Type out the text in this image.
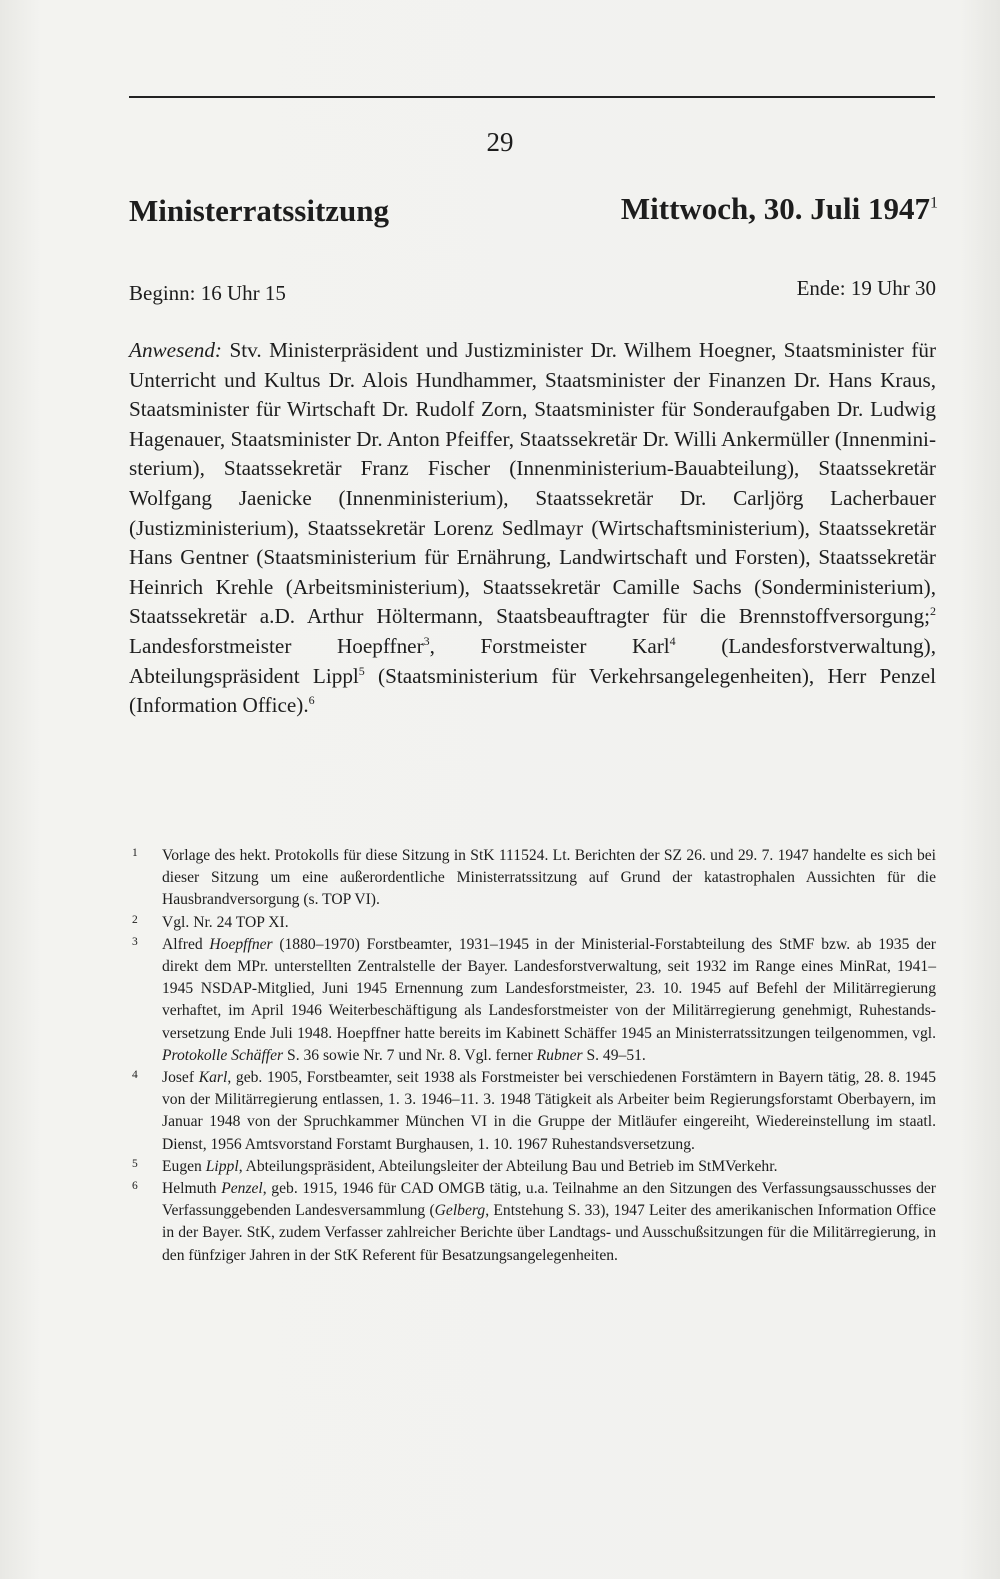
29
Ministerratssitzung	Mittwoch, 30. Juli 1947$^1$
Beginn: 16 Uhr 15	Ende: 19 Uhr 30
Anwesend: Stv. Ministerpräsident und Justizminister Dr. Wilhem Hoegner, Staatsminister für Unterricht und Kultus Dr. Alois Hundhammer, Staatsminister der Finanzen Dr. Hans Kraus, Staatsminister für Wirtschaft Dr. Rudolf Zorn, Staatsminister für Sonderaufgaben Dr. Ludwig Hagenauer, Staatsminister Dr. Anton Pfeiffer, Staatssekretär Dr. Willi Ankermüller (Innenministerium), Staatssekretär Franz Fischer (Innenministerium-Bauabteilung), Staatssekretär Wolfgang Jaenicke (Innenministerium), Staatssekretär Dr. Carljörg Lacherbauer (Justizministerium), Staatssekretär Lorenz Sedlmayr (Wirtschaftsministerium), Staatssekretär Hans Gentner (Staatsministerium für Ernährung, Landwirtschaft und Forsten), Staatssekretär Heinrich Krehle (Arbeitsministerium), Staatssekretär Camille Sachs (Sonderministerium), Staatssekretär a.D. Arthur Höltermann, Staatsbeauftragter für die Brennstoffversorgung;$^2$ Landesforstmeister Hoepffner$^3$, Forstmeister Karl$^4$ (Landesforstverwaltung), Abteilungspräsident Lippl$^5$ (Staatsministerium für Verkehrsangelegenheiten), Herr Penzel (Information Office).$^6$
1 Vorlage des hekt. Protokolls für diese Sitzung in StK 111524. Lt. Berichten der SZ 26. und 29. 7. 1947 handelte es sich bei dieser Sitzung um eine außerordentliche Ministerratssitzung auf Grund der katastrophalen Aussichten für die Hausbrandversorgung (s. TOP VI).
2 Vgl. Nr. 24 TOP XI.
3 Alfred Hoepffner (1880–1970) Forstbeamter, 1931–1945 in der Ministerial-Forstabteilung des StMF bzw. ab 1935 der direkt dem MPr. unterstellten Zentralstelle der Bayer. Landesforstverwaltung, seit 1932 im Range eines MinRat, 1941–1945 NSDAP-Mitglied, Juni 1945 Ernennung zum Landesforstmeister, 23. 10. 1945 auf Befehl der Militärregierung verhaftet, im April 1946 Weiterbeschäftigung als Landesforstmeister von der Militärregierung genehmigt, Ruhestandsversetzung Ende Juli 1948. Hoepffner hatte bereits im Kabinett Schäffer 1945 an Ministerratssitzungen teilgenommen, vgl. Protokolle Schäffer S. 36 sowie Nr. 7 und Nr. 8. Vgl. ferner Rubner S. 49–51.
4 Josef Karl, geb. 1905, Forstbeamter, seit 1938 als Forstmeister bei verschiedenen Forstämtern in Bayern tätig, 28. 8. 1945 von der Militärregierung entlassen, 1. 3. 1946–11. 3. 1948 Tätigkeit als Arbeiter beim Regierungsforstamt Oberbayern, im Januar 1948 von der Spruchkammer München VI in die Gruppe der Mitläufer eingereiht, Wiedereinstellung im staatl. Dienst, 1956 Amtsvorstand Forstamt Burghausen, 1. 10. 1967 Ruhestandsversetzung.
5 Eugen Lippl, Abteilungspräsident, Abteilungsleiter der Abteilung Bau und Betrieb im StMVerkehr.
6 Helmuth Penzel, geb. 1915, 1946 für CAD OMGB tätig, u.a. Teilnahme an den Sitzungen des Verfassungsausschusses der Verfassunggebenden Landesversammlung (Gelberg, Entstehung S. 33), 1947 Leiter des amerikanischen Information Office in der Bayer. StK, zudem Verfasser zahlreicher Berichte über Landtags- und Ausschußsitzungen für die Militärregierung, in den fünfziger Jahren in der StK Referent für Besatzungsangelegenheiten.
